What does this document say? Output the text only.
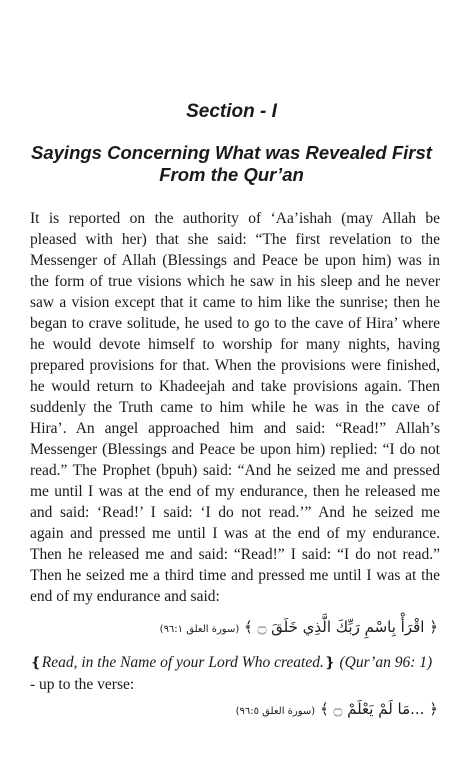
Section - I
Sayings Concerning What was Revealed First
From the Qur’an
It is reported on the authority of ‘Aa’ishah (may Allah be
pleased with her) that she said: “The first revelation to the
Messenger of Allah (Blessings and Peace be upon him) was in
the form of true visions which he saw in his sleep and he never
saw a vision except that it came to him like the sunrise; then he
began to crave solitude, he used to go to the cave of Hira’ where
he would devote himself to worship for many nights, having
prepared provisions for that. When the provisions were finished,
he would return to Khadeejah and take provisions again. Then
suddenly the Truth came to him while he was in the cave of
Hira’. An angel approached him and said: “Read!” Allah’s
Messenger (Blessings and Peace be upon him) replied: “I do not
read.” The Prophet (bpuh) said: “And he seized me and pressed
me until I was at the end of my endurance, then he released me
and said: ‘Read!’ I said: ‘I do not read.’” And he seized me
again and pressed me until I was at the end of my endurance.
Then he released me and said: “Read!” I said: “I do not read.”
Then he seized me a third time and pressed me until I was at the
end of my endurance and said:
﴿ اقْرَأْ بِاسْمِ رَبِّكَ الَّذِي خَلَقَ ۝ ﴾ (سورة العلق ٩٦:١)
❴Read, in the Name of your Lord Who created.❵ (Qur’an 96: 1)
- up to the verse:
﴿ ...مَا لَمْ يَعْلَمْ ۝ ﴾ (سورة العلق ٩٦:٥)
